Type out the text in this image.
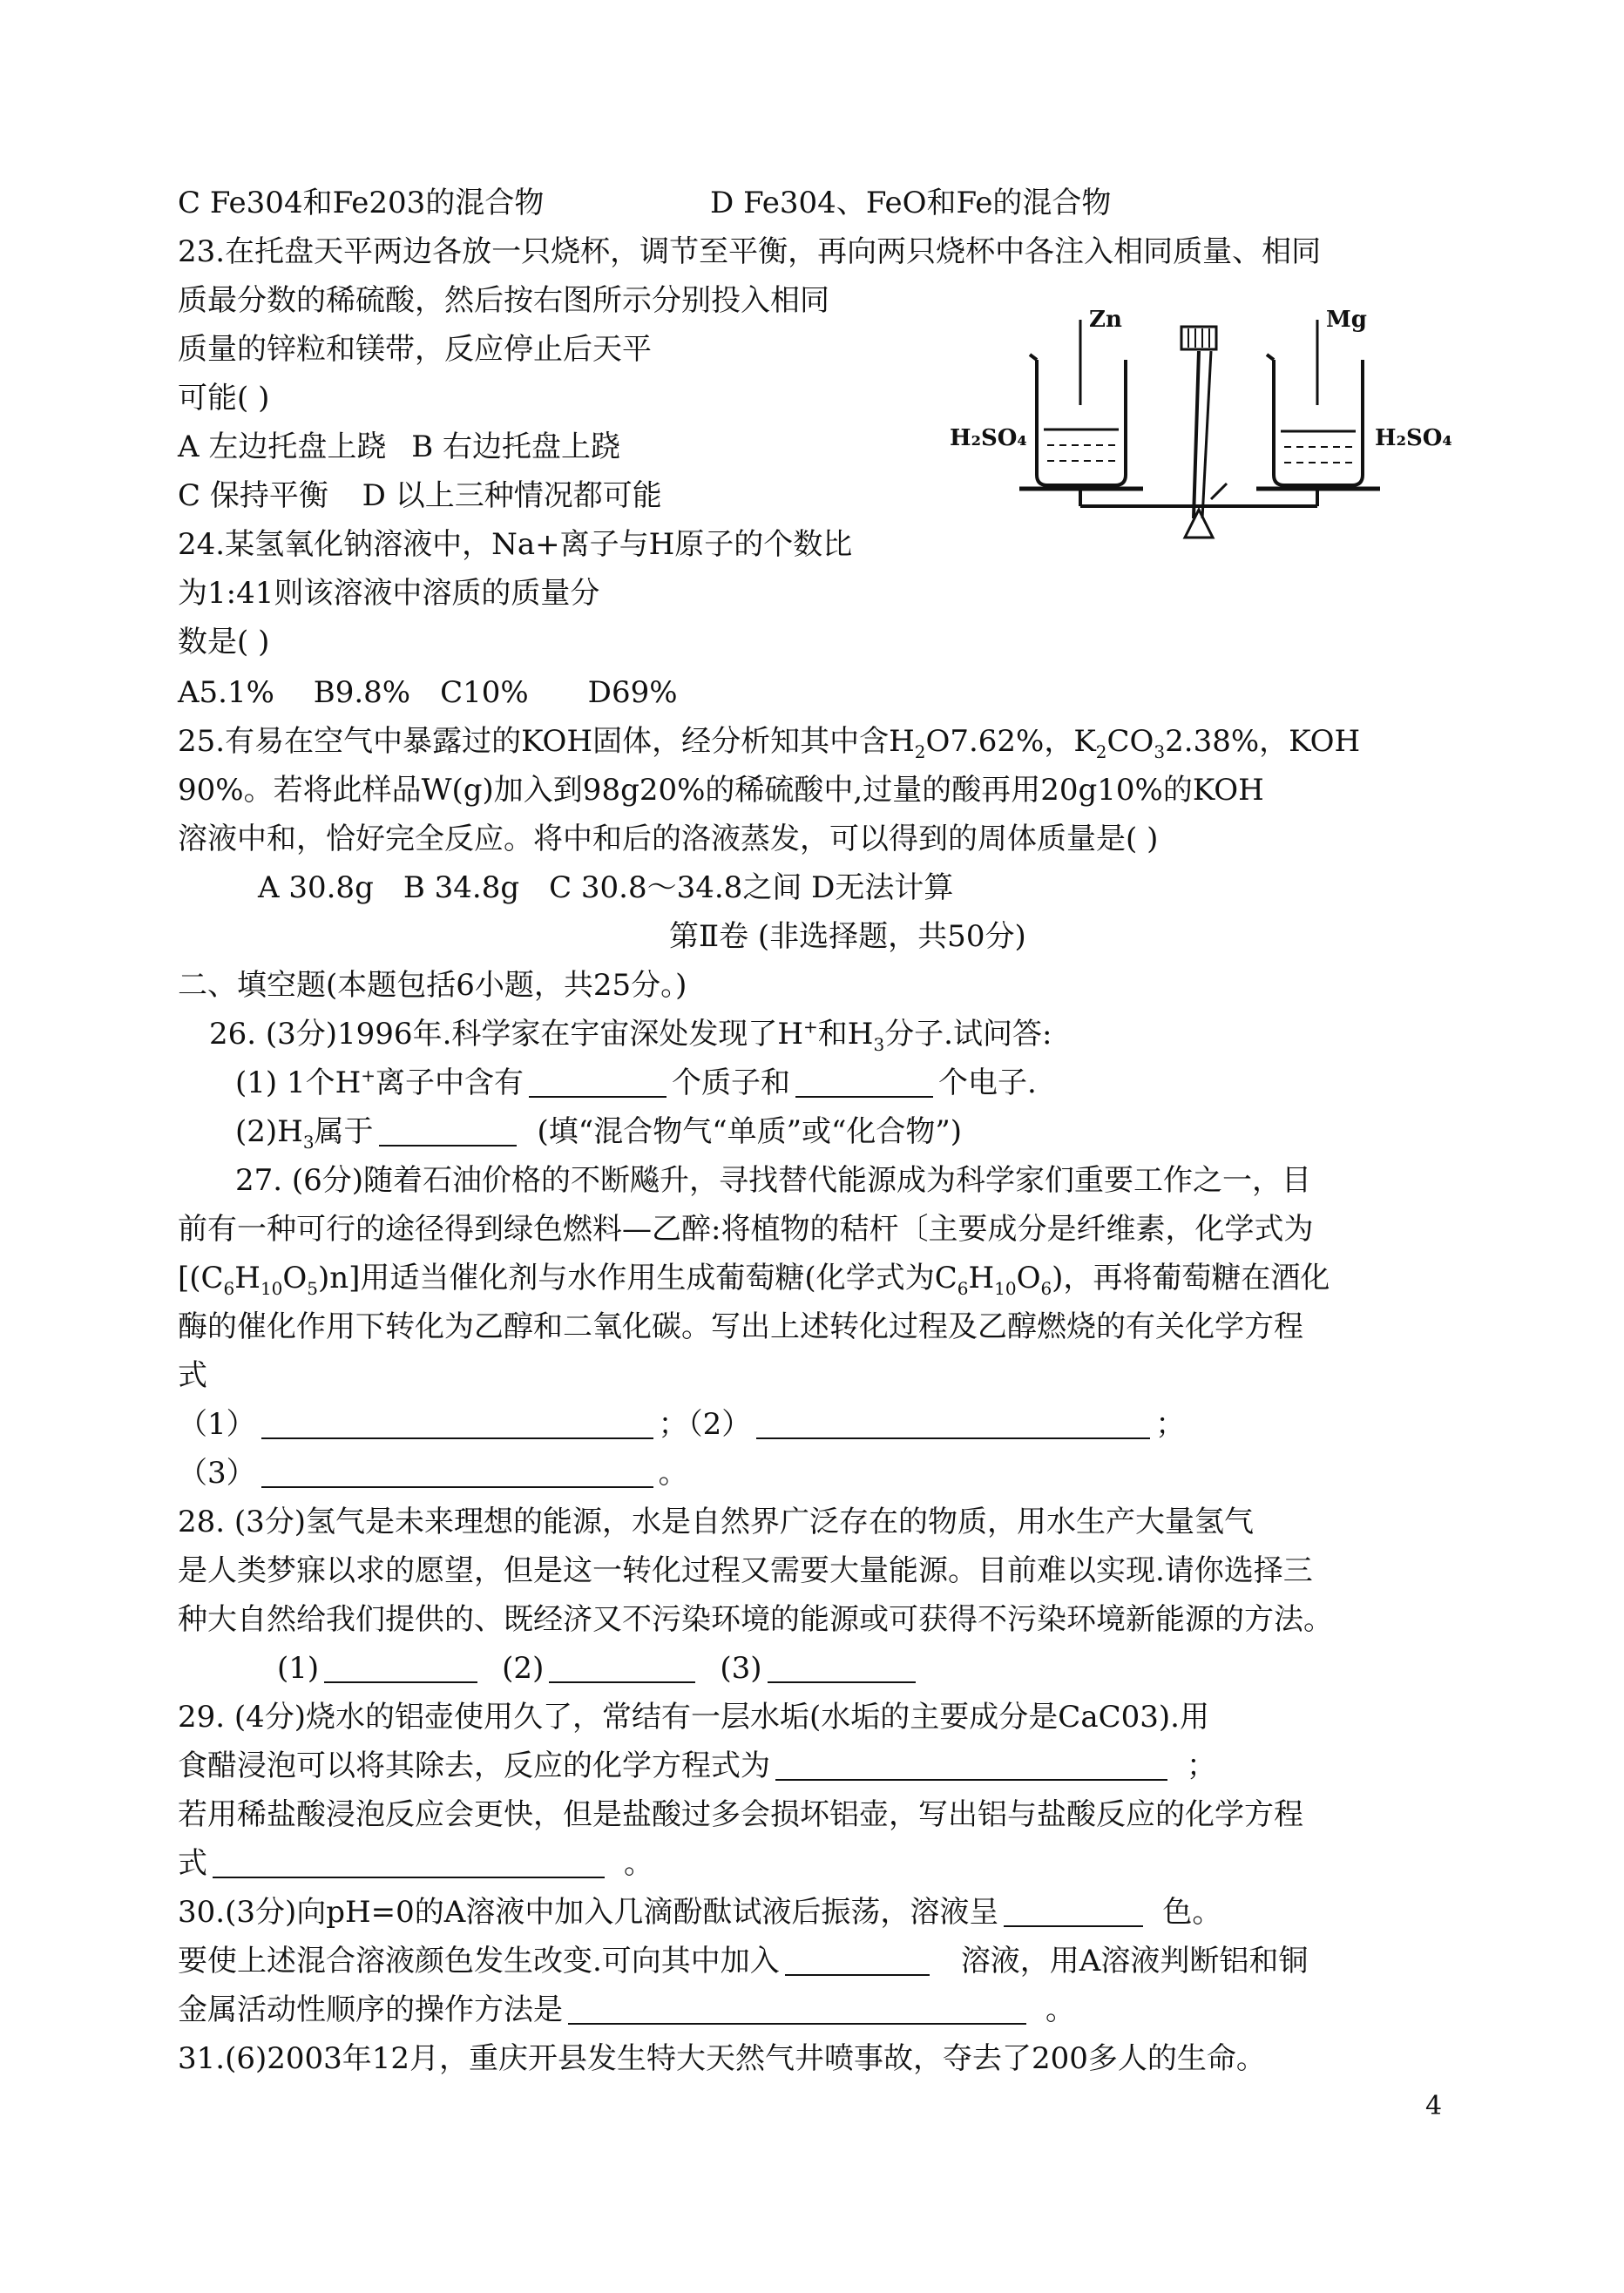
C Fe304和Fe203的混合物	D Fe304、FeO和Fe的混合物
23.在托盘天平两边各放一只烧杯，调节至平衡，再向两只烧杯中各注入相同质量、相同
质最分数的稀硫酸，然后按右图所示分别投入相同
质量的锌粒和镁带，反应停止后天平
可能( )
A 左边托盘上跷 B 右边托盘上跷
C 保持平衡 D 以上三种情况都可能
Zn	Mg
H₂SO₄	H₂SO₄
24.某氢氧化钠溶液中，Na+离子与H原子的个数比
为1:41则该溶液中溶质的质量分
数是( )
A5.1%　 B9.8%　C10%　　D69%
25.有易在空气中暴露过的KOH固体，经分析知其中含$H_2O7.62\%$，$K_2CO_32.38\%$，KOH
90%。若将此样品W(g)加入到98g20%的稀硫酸中,过量的酸再用20g10%的KOH
溶液中和，恰好完全反应。将中和后的洛液蒸发，可以得到的周体质量是( )
A 30.8g　B 34.8g　C 30.8～34.8之间 D无法计算
第Ⅱ卷 (非选择题，共50分)
二、填空题(本题包括6小题，共25分。)
26. (3分)1996年.科学家在宇宙深处发现了H+和$H_3$分子.试问答:
(1) 1个H+离子中含有	个质子和	个电子.
$(2)H_3$属于	(填“混合物气“单质”或“化合物”)
27. (6分)随着石油价格的不断飚升，寻找替代能源成为科学家们重要工作之一，目
前有一种可行的途径得到绿色燃料—乙醉:将植物的秸杆〔主要成分是纤维素，化学式为
$[(C_6H_{10}O_5)n]$用适当催化剂与水作用生成葡萄糖(化学式为$C_6H_{10}O_6$)，再将葡萄糖在酒化
酶的催化作用下转化为乙醇和二氧化碳。写出上述转化过程及乙醇燃烧的有关化学方程
式
（1）	；（2）	；
（3）	。
28. (3分)氢气是未来理想的能源，水是自然界广泛存在的物质，用水生产大量氢气
是人类梦寐以求的愿望，但是这一转化过程又需要大量能源。目前难以实现.请你选择三
种大自然给我们提供的、既经济又不污染环境的能源或可获得不污染环境新能源的方法。
(1)	(2)	(3)
29. (4分)烧水的铝壶使用久了，常结有一层水垢(水垢的主要成分是CaC03).用
食醋浸泡可以将其除去，反应的化学方程式为	；
若用稀盐酸浸泡反应会更快，但是盐酸过多会损坏铝壶，写出铝与盐酸反应的化学方程
式	。
30.(3分)向pH=0的A溶液中加入几滴酚酞试液后振荡，溶液呈	色。
要使上述混合溶液颜色发生改变.可向其中加入	溶液，用A溶液判断铝和铜
金属活动性顺序的操作方法是	。
31.(6)2003年12月，重庆开县发生特大天然气井喷事故，夺去了200多人的生命。
4
